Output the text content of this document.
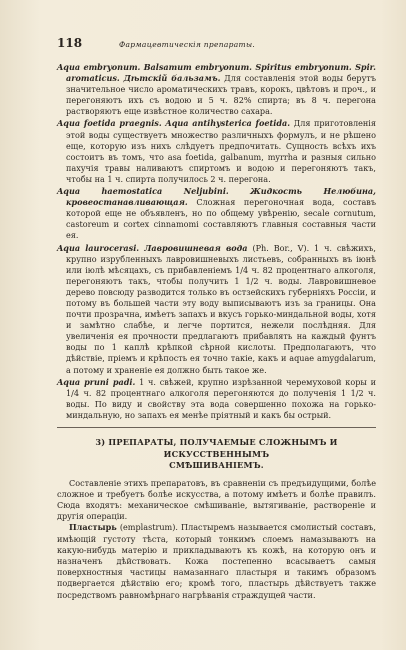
118	Фармацевтическiя препараты.

Aqua embryonum. Balsamum embryonum. Spiritus embryonum. Spir. aromaticus. Дѣтскiй бальзамъ. Для составленiя этой воды берутъ значительное число ароматическихъ травъ, корокъ, цвѣтовъ и проч., и перегоняютъ ихъ съ водою и 5 ч. 82% спирта; въ 8 ч. перегона растворяютъ еще извѣстное количество сахара.

Aqua foetida praegnis. Aqua antihysterica foetida. Для приготовленiя этой воды существуетъ множество различныхъ формулъ, и не рѣшено еще, которую изъ нихъ слѣдуетъ предпочитать. Сущность всѣхъ ихъ состоитъ въ томъ, что asa foetida, galbanum, myrrha и разныя сильно пахучiя травы наливаютъ спиртомъ и водою и перегоняютъ такъ, чтобы на 1 ч. спирта получилось 2 ч. перегона.

Aqua haemostatica Neljubini. Жидкость Нелюбина, кровеостанавливающая. Сложная перегоночная вода, составъ которой еще не объявленъ, но по общему увѣренiю, secale cornutum, castoreum и cortex cinnamomi составляютъ главныя составныя части ея.

Aqua laurocerasi. Лавровишневая вода (Ph. Bor., V). 1 ч. свѣжихъ, крупно изрубленныхъ лавровишневыхъ листьевъ, собранныхъ въ iюнѣ или iюлѣ мѣсяцахъ, съ прибавленiемъ 1/4 ч. 82 процентнаго алкоголя, перегоняютъ такъ, чтобы получить 1 1/2 ч. воды. Лавровишневое дерево повсюду разводится только въ остзейскихъ губернiяхъ Россiи, и потому въ большей части эту воду выписываютъ изъ за границы. Она почти прозрачна, имѣетъ запахъ и вкусъ горько-миндальной воды, хотя и замѣтно слабѣе, и легче портится, нежели послѣдняя. Для увеличенiя ея прочности предлагаютъ прибавлять на каждый фунтъ воды по 1 каплѣ крѣпкой сѣрной кислоты. Предполагаютъ, что дѣйствiе, прiемъ и крѣпость ея точно такiе, какъ и aquae amygdalarum, а потому и храненiе ея должно быть такое же.

Aqua pruni padi. 1 ч. свѣжей, крупно изрѣзанной черемуховой коры и 1/4 ч. 82 процентнаго алкоголя перегоняются до полученiя 1 1/2 ч. воды. По виду и свойству эта вода совершенно похожа на горько-миндальную, но запахъ ея менѣе прiятный и какъ бы острый.

3) ПРЕПАРАТЫ, ПОЛУЧАЕМЫЕ СЛОЖНЫМЪ И ИСКУССТВЕННЫМЪ
СМѢШИВАНIЕМЪ.

Составленiе этихъ препаратовъ, въ сравненiи съ предъидущими, болѣе сложное и требуетъ болѣе искусства, а потому имѣетъ и болѣе правилъ. Сюда входятъ: механическое смѣшиванiе, вытягиванiе, растворенiе и другiя операцiи.

Пластырь (emplastrum). Пластыремъ называется смолистый составъ, имѣющiй густоту тѣста, который тонкимъ слоемъ намазываютъ на какую-нибудь матерiю и прикладываютъ къ кожѣ, на которую онъ и назначенъ дѣйствовать. Кожа постепенно всасываетъ самыя поверхностныя частицы намазаннаго пластыря и такимъ образомъ подвергается дѣйствiю его; кромѣ того, пластырь дѣйствуетъ также посредствомъ равномѣрнаго нагрѣванiя страждущей части.
